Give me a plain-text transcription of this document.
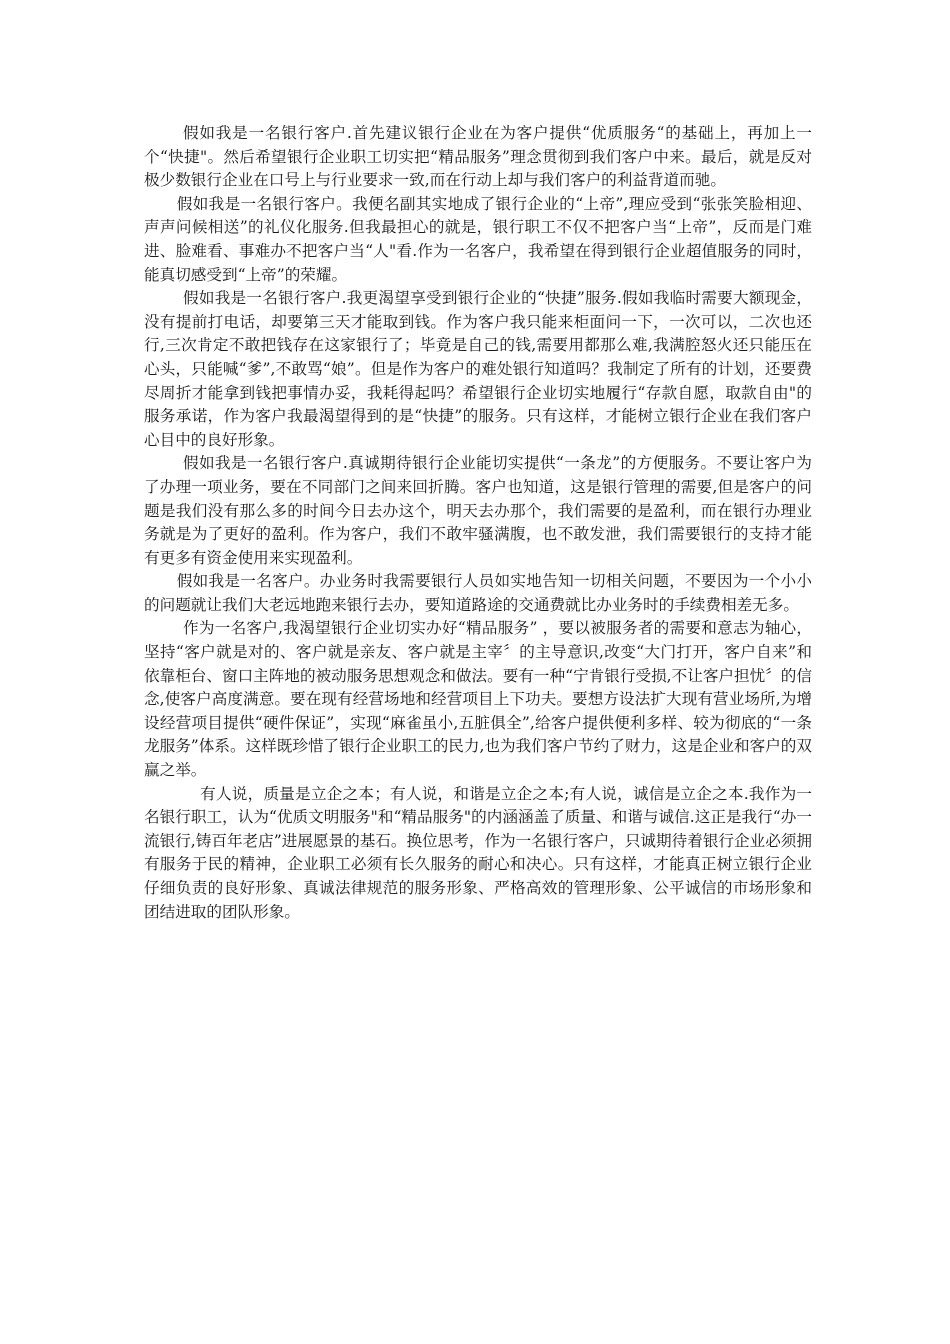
假如我是一名银行客户.首先建议银行企业在为客户提供“优质服务“的基础上，再加上一个“快捷"。然后希望银行企业职工切实把“精品服务”理念贯彻到我们客户中来。最后，就是反对极少数银行企业在口号上与行业要求一致,而在行动上却与我们客户的利益背道而驰。

假如我是一名银行客户。我便名副其实地成了银行企业的“上帝”,理应受到“张张笑脸相迎、声声问候相送”的礼仪化服务.但我最担心的就是，银行职工不仅不把客户当“上帝”，反而是门难进、脸难看、事难办不把客户当“人"看.作为一名客户，我希望在得到银行企业超值服务的同时，能真切感受到“上帝”的荣耀。

假如我是一名银行客户.我更渴望享受到银行企业的“快捷”服务.假如我临时需要大额现金，没有提前打电话，却要第三天才能取到钱。作为客户我只能来柜面问一下，一次可以，二次也还行,三次肯定不敢把钱存在这家银行了；毕竟是自己的钱,需要用都那么难,我满腔怒火还只能压在心头，只能喊“爹”,不敢骂“娘”。但是作为客户的难处银行知道吗？我制定了所有的计划，还要费尽周折才能拿到钱把事情办妥，我耗得起吗？希望银行企业切实地履行“存款自愿，取款自由"的服务承诺，作为客户我最渴望得到的是“快捷”的服务。只有这样，才能树立银行企业在我们客户心目中的良好形象。

假如我是一名银行客户.真诚期待银行企业能切实提供“一条龙”的方便服务。不要让客户为了办理一项业务，要在不同部门之间来回折腾。客户也知道，这是银行管理的需要,但是客户的问题是我们没有那么多的时间今日去办这个，明天去办那个，我们需要的是盈利，而在银行办理业务就是为了更好的盈利。作为客户，我们不敢牢骚满腹，也不敢发泄，我们需要银行的支持才能有更多有资金使用来实现盈利。

假如我是一名客户。办业务时我需要银行人员如实地告知一切相关问题，不要因为一个小小的问题就让我们大老远地跑来银行去办，要知道路途的交通费就比办业务时的手续费相差无多。

作为一名客户,我渴望银行企业切实办好“精品服务” ，要以被服务者的需要和意志为轴心，坚持“客户就是对的、客户就是亲友、客户就是主宰〞的主导意识,改变“大门打开，客户自来”和依靠柜台、窗口主阵地的被动服务思想观念和做法。要有一种“宁肯银行受损,不让客户担忧〞的信念,使客户高度满意。要在现有经营场地和经营项目上下功夫。要想方设法扩大现有营业场所,为增设经营项目提供“硬件保证”，实现“麻雀虽小,五脏俱全”,给客户提供便利多样、较为彻底的“一条龙服务”体系。这样既珍惜了银行企业职工的民力,也为我们客户节约了财力，这是企业和客户的双赢之举。

有人说，质量是立企之本；有人说，和谐是立企之本;有人说，诚信是立企之本.我作为一名银行职工，认为“优质文明服务"和“精品服务"的内涵涵盖了质量、和谐与诚信.这正是我行“办一流银行,铸百年老店”进展愿景的基石。换位思考，作为一名银行客户，只诚期待着银行企业必须拥有服务于民的精神，企业职工必须有长久服务的耐心和决心。只有这样，才能真正树立银行企业仔细负责的良好形象、真诚法律规范的服务形象、严格高效的管理形象、公平诚信的市场形象和团结进取的团队形象。
